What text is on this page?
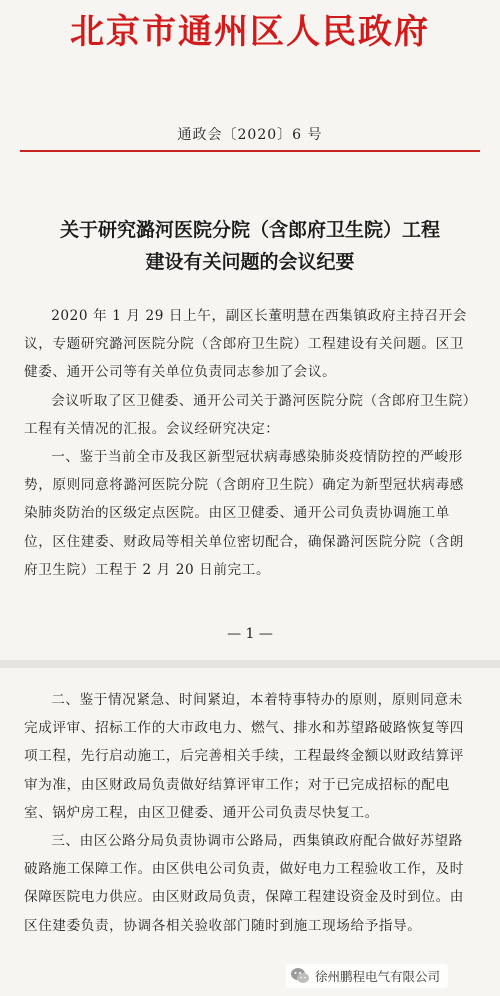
北京市通州区人民政府
通政会〔2020〕6 号
关于研究潞河医院分院（含郎府卫生院）工程
建设有关问题的会议纪要

2020 年 1 月 29 日上午，副区长董明慧在西集镇政府主持召开会议，专题研究潞河医院分院（含郎府卫生院）工程建设有关问题。区卫健委、通开公司等有关单位负责同志参加了会议。

会议听取了区卫健委、通开公司关于潞河医院分院（含郎府卫生院）工程有关情况的汇报。会议经研究决定：

一、鉴于当前全市及我区新型冠状病毒感染肺炎疫情防控的严峻形势，原则同意将潞河医院分院（含朗府卫生院）确定为新型冠状病毒感染肺炎防治的区级定点医院。由区卫健委、通开公司负责协调施工单位，区住建委、财政局等相关单位密切配合，确保潞河医院分院（含朗府卫生院）工程于 2 月 20 日前完工。

— 1 —

二、鉴于情况紧急、时间紧迫，本着特事特办的原则，原则同意未完成评审、招标工作的大市政电力、燃气、排水和苏望路破路恢复等四项工程，先行启动施工，后完善相关手续，工程最终金额以财政结算评审为准，由区财政局负责做好结算评审工作；对于已完成招标的配电室、锅炉房工程，由区卫健委、通开公司负责尽快复工。

三、由区公路分局负责协调市公路局，西集镇政府配合做好苏望路破路施工保障工作。由区供电公司负责，做好电力工程验收工作，及时保障医院电力供应。由区财政局负责，保障工程建设资金及时到位。由区住建委负责，协调各相关验收部门随时到施工现场给予指导。

徐州鹏程电气有限公司
